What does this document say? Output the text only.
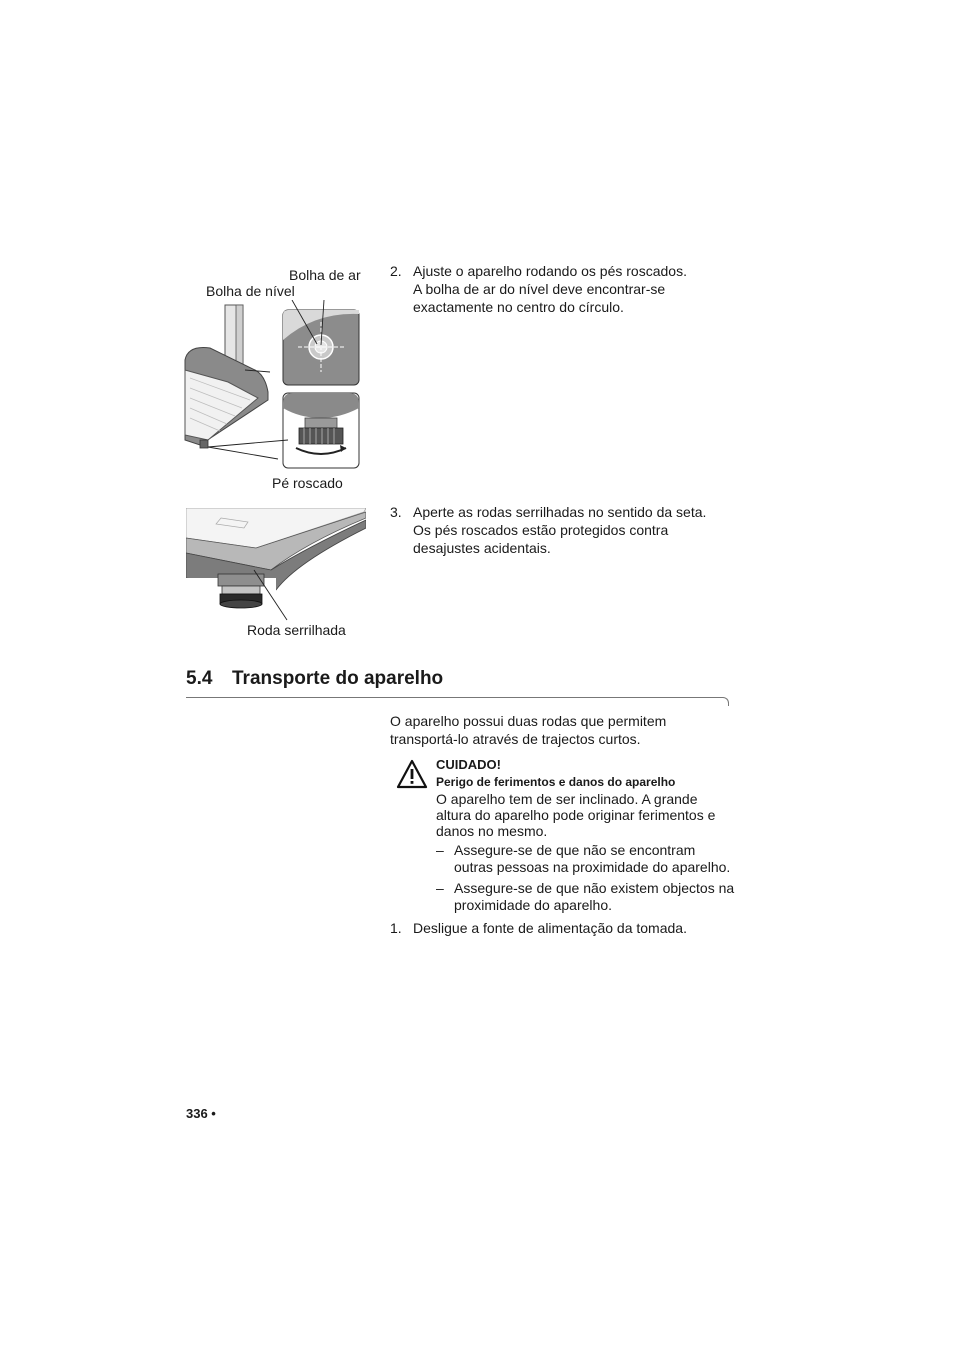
Bolha de ar
Bolha de nível
Pé roscado
2. Ajuste o aparelho rodando os pés roscados.
A bolha de ar do nível deve encontrar-se
exactamente no centro do círculo.
Roda serrilhada
3. Aperte as rodas serrilhadas no sentido da seta.
Os pés roscados estão protegidos contra
desajustes acidentais.
5.4 Transporte do aparelho
O aparelho possui duas rodas que permitem
transportá-lo através de trajectos curtos.
CUIDADO!
Perigo de ferimentos e danos do aparelho
O aparelho tem de ser inclinado. A grande
altura do aparelho pode originar ferimentos e
danos no mesmo.
– Assegure-se de que não se encontram
outras pessoas na proximidade do aparelho.
– Assegure-se de que não existem objectos na
proximidade do aparelho.
1. Desligue a fonte de alimentação da tomada.
336 •
